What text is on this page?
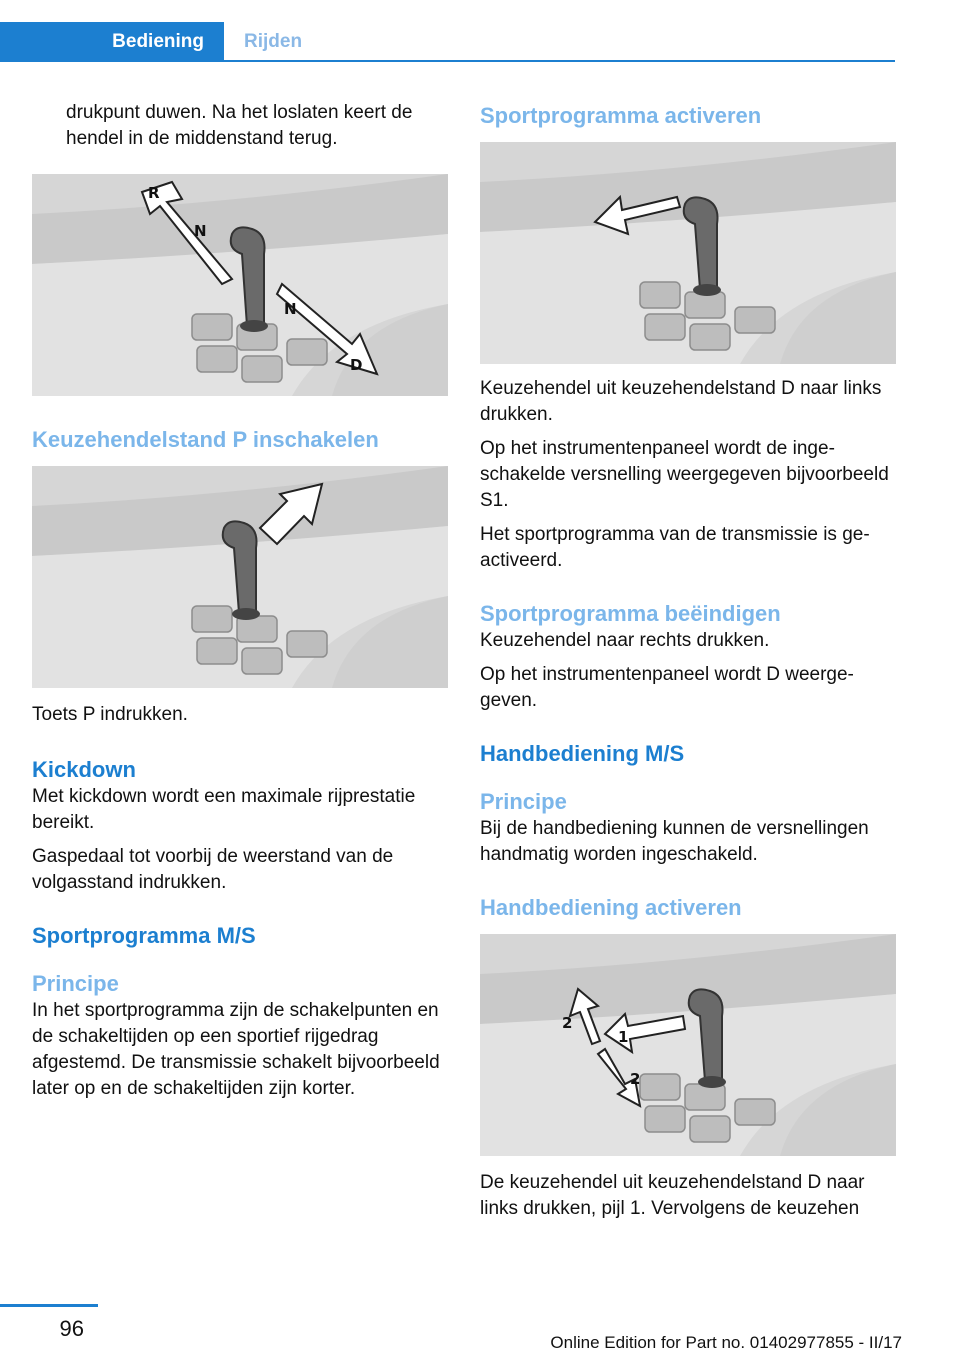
Bediening	Rijden

drukpunt duwen. Na het loslaten keert de hendel in de middenstand terug.

R
N
N
D

Keuzehendelstand P inschakelen

Toets P indrukken.

Kickdown

Met kickdown wordt een maximale rijprestatie bereikt.

Gaspedaal tot voorbij de weerstand van de volgasstand indrukken.

Sportprogramma M/S

Principe

In het sportprogramma zijn de schakelpunten en de schakeltijden op een sportief rijgedrag afgestemd. De transmissie schakelt bijvoorbeeld later op en de schakeltijden zijn korter.

Sportprogramma activeren

Keuzehendel uit keuzehendelstand D naar links drukken.

Op het instrumentenpaneel wordt de ingeschakelde versnelling weergegeven bijvoorbeeld S1.

Het sportprogramma van de transmissie is geactiveerd.

Sportprogramma beëindigen

Keuzehendel naar rechts drukken.

Op het instrumentenpaneel wordt D weergegeven.

Handbediening M/S

Principe

Bij de handbediening kunnen de versnellingen handmatig worden ingeschakeld.

Handbediening activeren

2
1
2

De keuzehendel uit keuzehendelstand D naar links drukken, pijl 1. Vervolgens de keuzehen

96
Online Edition for Part no. 01402977855 - II/17
